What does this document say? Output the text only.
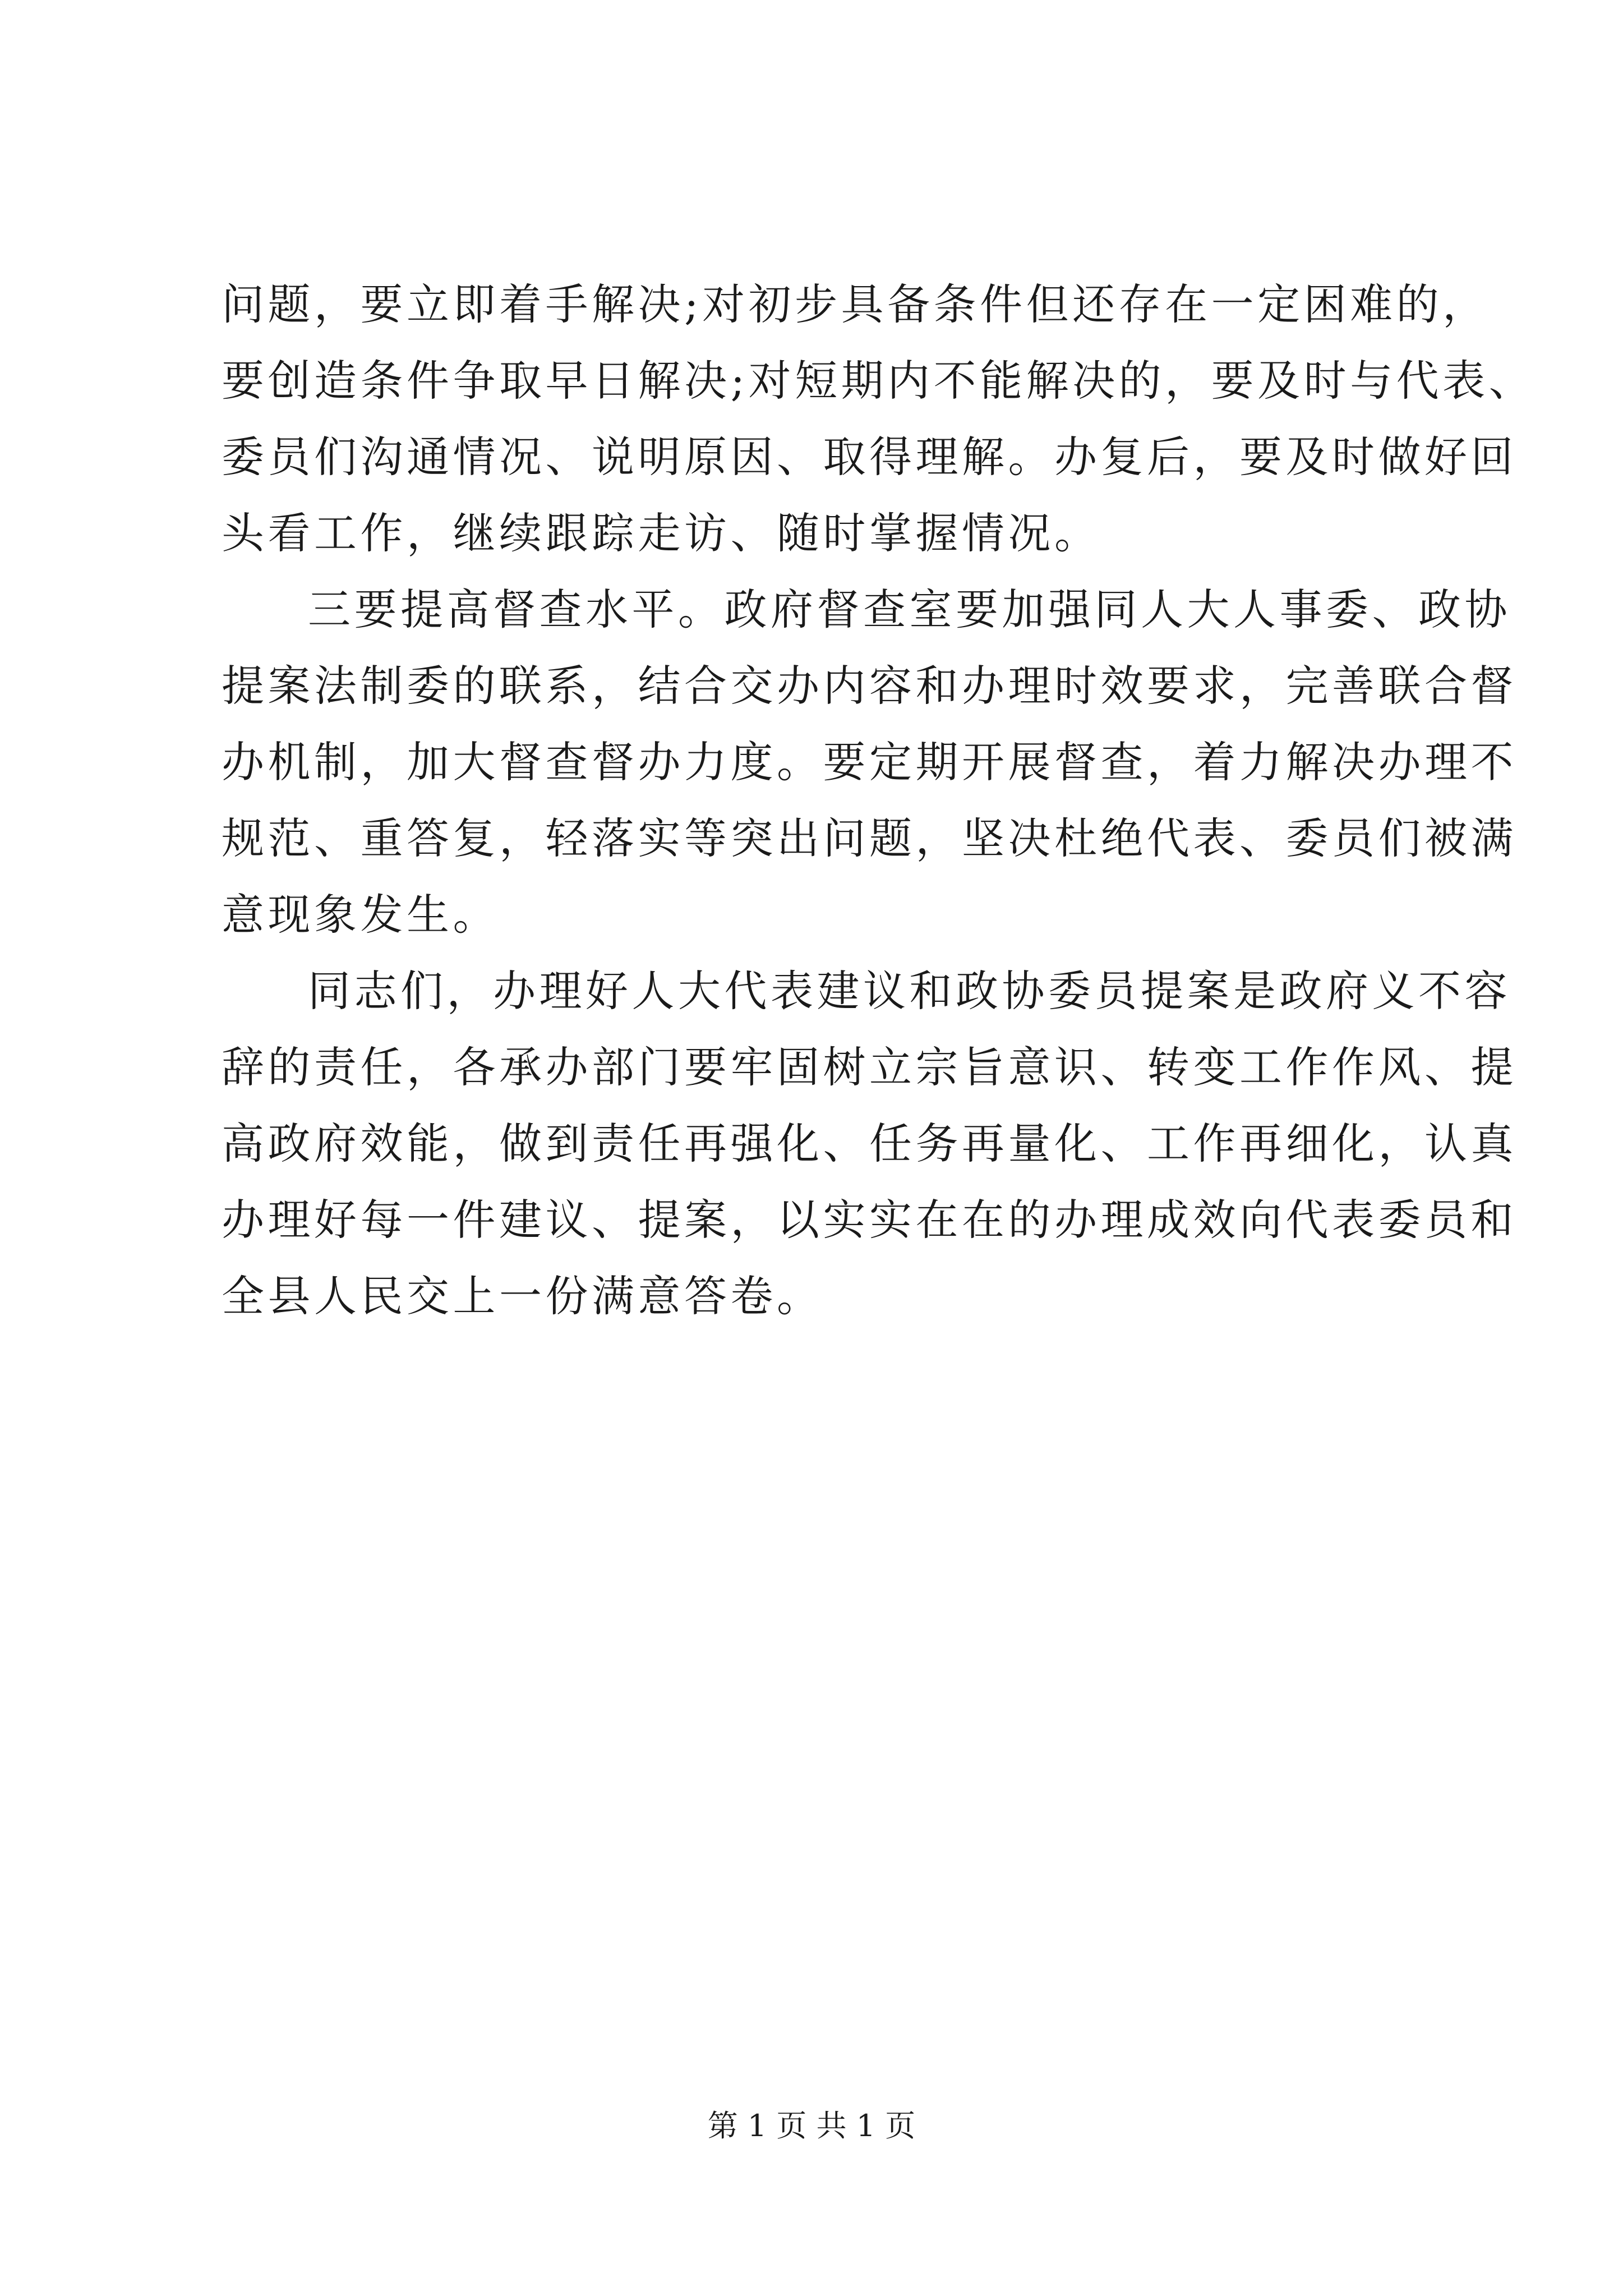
问题，要立即着手解决;对初步具备条件但还存在一定困难的，
要创造条件争取早日解决;对短期内不能解决的，要及时与代表、
委员们沟通情况、说明原因、取得理解。办复后，要及时做好回
头看工作，继续跟踪走访、随时掌握情况。

三要提高督查水平。政府督查室要加强同人大人事委、政协
提案法制委的联系，结合交办内容和办理时效要求，完善联合督
办机制，加大督查督办力度。要定期开展督查，着力解决办理不
规范、重答复，轻落实等突出问题，坚决杜绝代表、委员们被满
意现象发生。

同志们，办理好人大代表建议和政协委员提案是政府义不容
辞的责任，各承办部门要牢固树立宗旨意识、转变工作作风、提
高政府效能，做到责任再强化、任务再量化、工作再细化，认真
办理好每一件建议、提案，以实实在在的办理成效向代表委员和
全县人民交上一份满意答卷。

第 1 页 共 1 页
